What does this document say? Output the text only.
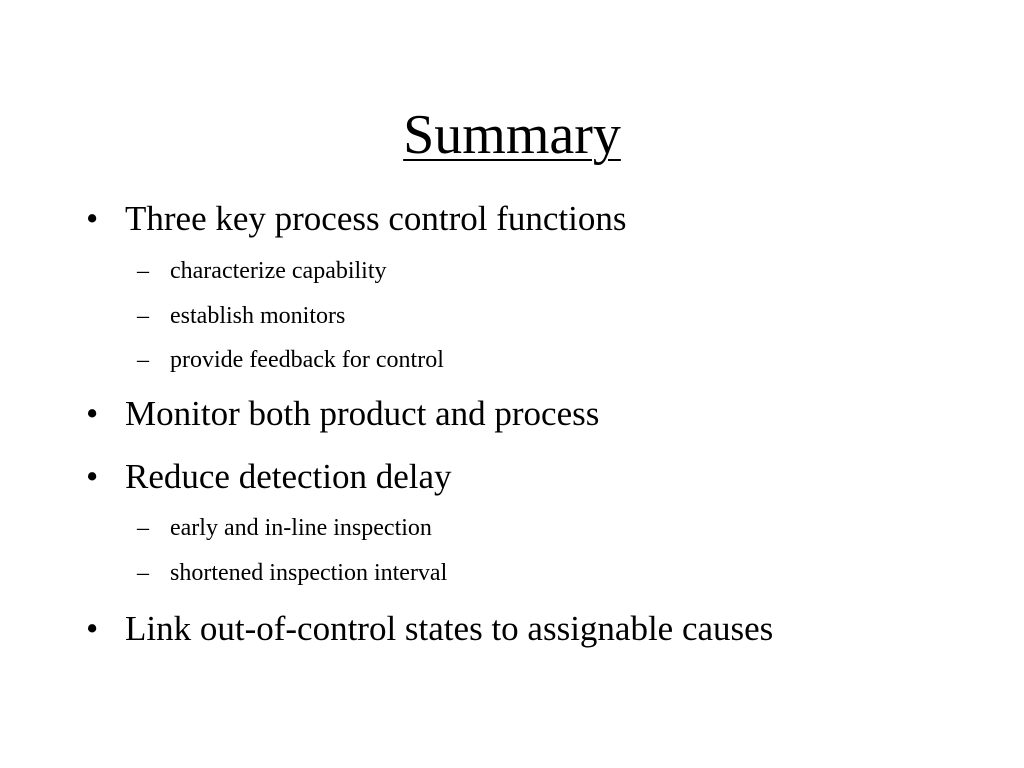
Summary
• Three key process control functions
– characterize capability
– establish monitors
– provide feedback for control
• Monitor both product and process
• Reduce detection delay
– early and in-line inspection
– shortened inspection interval
• Link out-of-control states to assignable causes
